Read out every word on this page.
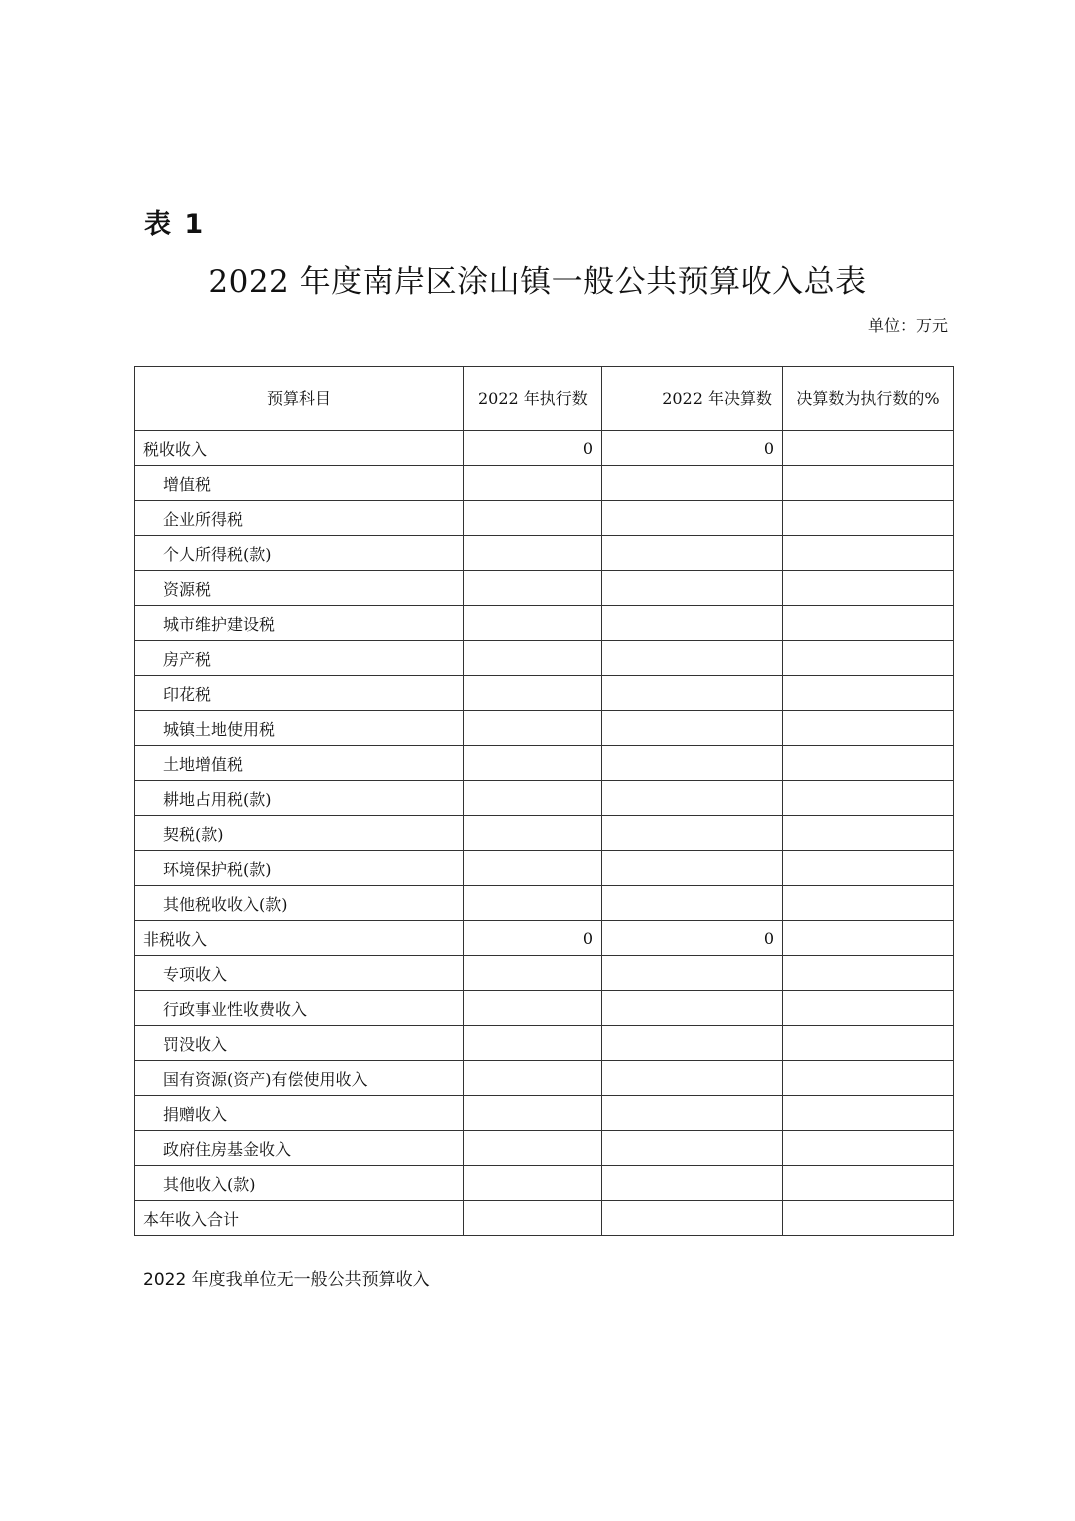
表 1
2022 年度南岸区涂山镇一般公共预算收入总表
单位：万元
预算科目	2022 年执行数	2022 年决算数	决算数为执行数的%
税收收入	0	0	
增值税			
企业所得税			
个人所得税(款)			
资源税			
城市维护建设税			
房产税			
印花税			
城镇土地使用税			
土地增值税			
耕地占用税(款)			
契税(款)			
环境保护税(款)			
其他税收收入(款)			
非税收入	0	0	
专项收入			
行政事业性收费收入			
罚没收入			
国有资源(资产)有偿使用收入			
捐赠收入			
政府住房基金收入			
其他收入(款)			
本年收入合计			
2022 年度我单位无一般公共预算收入
